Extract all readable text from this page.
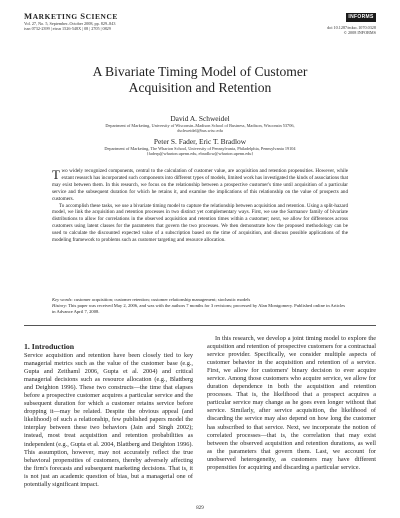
MARKETING SCIENCE
Vol. 27, No. 5, September–October 2008, pp. 829–843
issn 0732-2399 | eissn 1526-548X | 08 | 2705 | 0829
INFORMS
doi 10.1287/mksc.1070.0328
© 2008 INFORMS
A Bivariate Timing Model of Customer
Acquisition and Retention
David A. Schweidel
Department of Marketing, University of Wisconsin–Madison School of Business, Madison, Wisconsin 53706,
dschweidel@bus.wisc.edu
Peter S. Fader, Eric T. Bradlow
Department of Marketing, The Wharton School, University of Pennsylvania, Philadelphia, Pennsylvania 19104
{faderp@wharton.upenn.edu, ebradlow@wharton.upenn.edu}

Two widely recognized components, central to the calculation of customer value, are acquisition and retention propensities. However, while extant research has incorporated such components into different types of models, limited work has investigated the kinds of associations that may exist between them. In this research, we focus on the relationship between a prospective customer's time until acquisition of a particular service and the subsequent duration for which he retains it, and examine the implications of this relationship on the value of prospects and customers.

To accomplish these tasks, we use a bivariate timing model to capture the relationship between acquisition and retention. Using a split-hazard model, we link the acquisition and retention processes in two distinct yet complementary ways. First, we use the Sarmanov family of bivariate distributions to allow for correlations in the observed acquisition and retention times within a customer; next, we allow for differences across customers using latent classes for the parameters that govern the two processes. We then demonstrate how the proposed methodology can be used to calculate the discounted expected value of a subscription based on the time of acquisition, and discuss possible applications of the modeling framework to problems such as customer targeting and resource allocation.

Key words: customer acquisition; customer retention; customer relationship management; stochastic models
History: This paper was received May 2, 2006, and was with the authors 7 months for 3 revisions; processed by Alan Montgomery. Published online in Articles in Advance April 7, 2008.
1. Introduction

Service acquisition and retention have been closely tied to key managerial metrics such as the value of the customer base (e.g., Gupta and Zeithaml 2006, Gupta et al. 2004) and critical managerial decisions such as resource allocation (e.g., Blattberg and Deighton 1996). These two constructs—the time that elapses before a prospective customer acquires a particular service and the subsequent duration for which a customer retains service before dropping it—may be related. Despite the obvious appeal (and likelihood) of such a relationship, few published papers model the interplay between these two behaviors (Jain and Singh 2002); instead, most treat acquisition and retention probabilities as independent (e.g., Gupta et al. 2004, Blattberg and Deighton 1996). This assumption, however, may not accurately reflect the true behavioral propensities of customers, thereby adversely affecting the firm's forecasts and subsequent marketing decisions. That is, it is not just an academic question of bias, but a managerial one of potentially significant impact.

In this research, we develop a joint timing model to explore the acquisition and retention of prospective customers for a contractual service provider. Specifically, we consider multiple aspects of customer behavior in the acquisition and retention of a service. First, we allow for customers' binary decision to ever acquire service. Among those customers who acquire service, we allow for duration dependence in both the acquisition and retention processes. That is, the likelihood that a prospect acquires a particular service may change as he goes even longer without that service. Similarly, after service acquisition, the likelihood of discarding the service may also depend on how long the customer has subscribed to that service. Next, we incorporate the notion of correlated processes—that is, the correlation that may exist between the observed acquisition and retention durations, as well as the parameters that govern them. Last, we account for unobserved heterogeneity, as customers may have different propensities for acquiring and discarding a particular service.

829
